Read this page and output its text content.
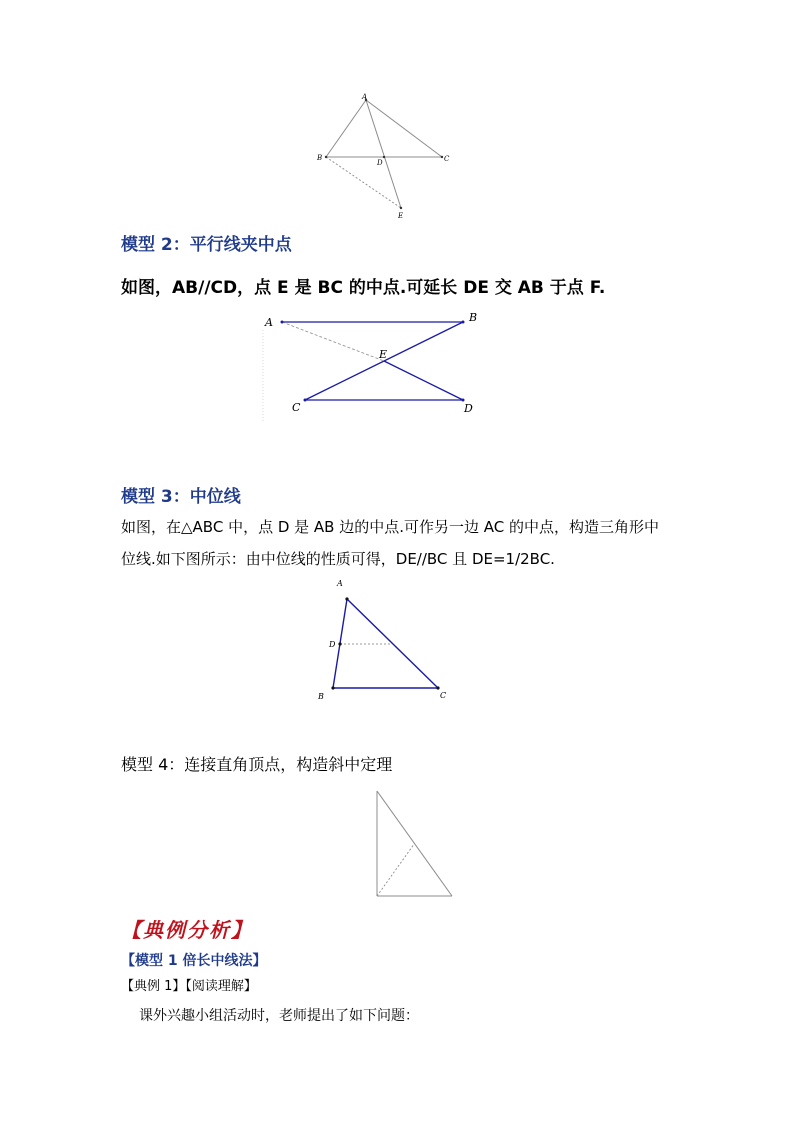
A
B	C
D
E
模型 2：平行线夹中点
如图，AB//CD，点 E 是 BC 的中点.可延长 DE 交 AB 于点 F.
A	B
C	D
E
模型 3：中位线
如图，在△ABC 中，点 D 是 AB 边的中点.可作另一边 AC 的中点，构造三角形中
位线.如下图所示：由中位线的性质可得，DE//BC 且 DE=1/2BC.
A
B	C
D
模型 4：连接直角顶点，构造斜中定理
【典例分析】
【模型 1 倍长中线法】
【典例 1】【阅读理解】
课外兴趣小组活动时，老师提出了如下问题：
